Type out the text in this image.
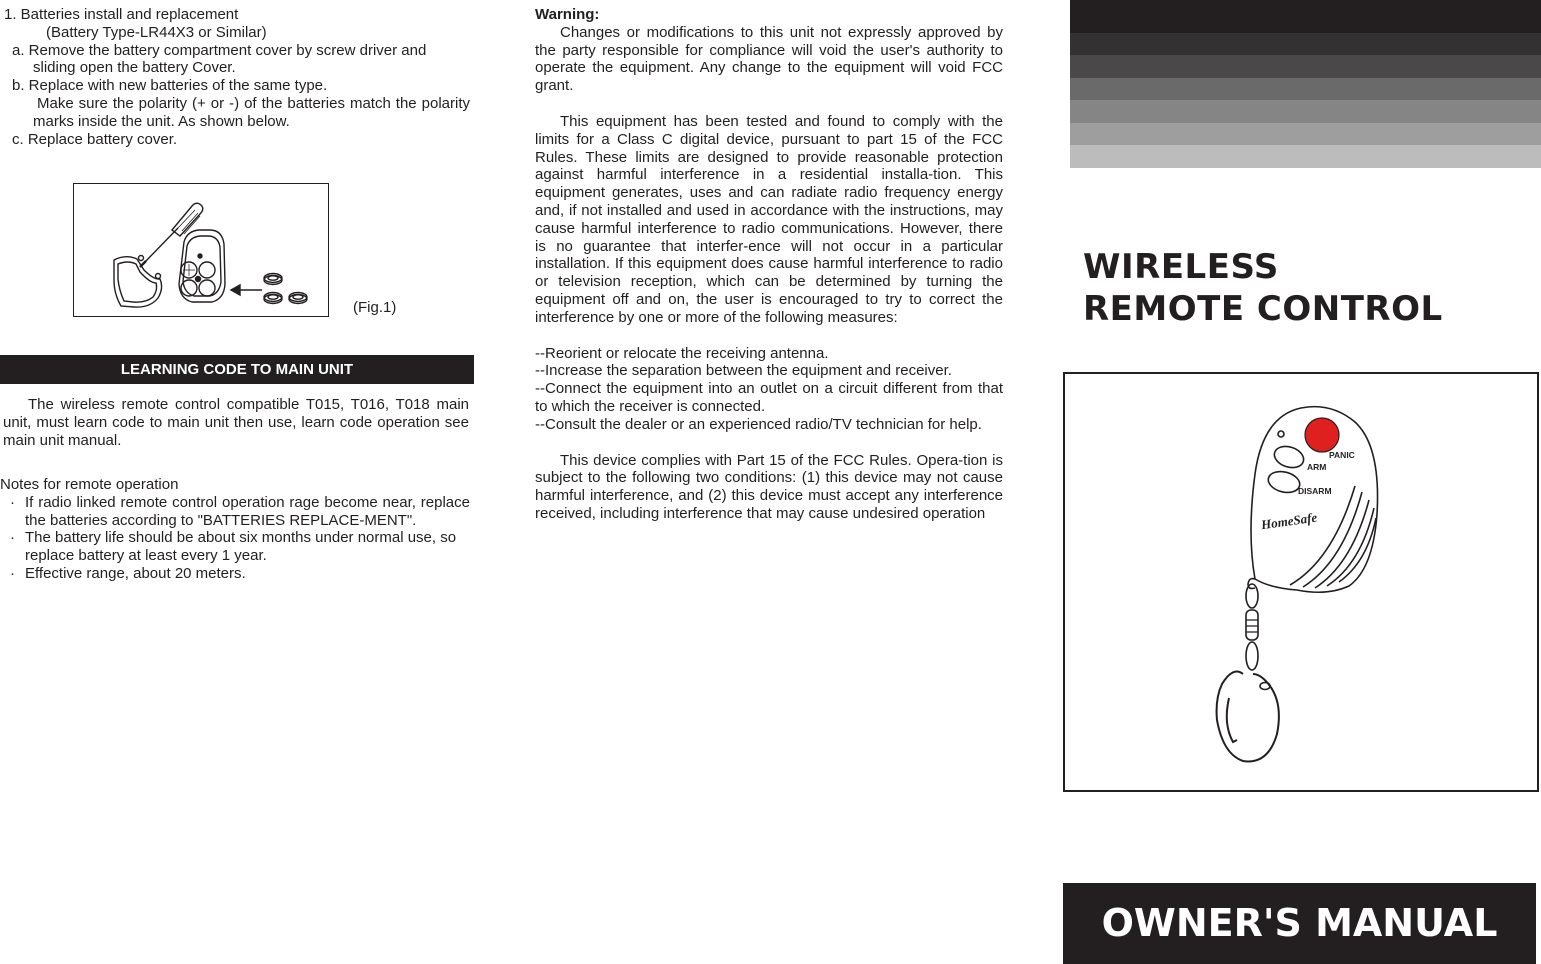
1. Batteries install and replacement

(Battery Type-LR44X3 or Similar)

a. Remove the battery compartment cover by screw driver and

sliding open the battery Cover.

b. Replace with new batteries of the same type.

Make sure the polarity (+ or -) of the batteries match the polarity marks inside the unit. As shown below.

c. Replace battery cover.

(Fig.1)
LEARNING CODE TO MAIN UNIT

The wireless remote control compatible T015, T016, T018 main unit, must learn code to main unit then use, learn code operation see main unit manual.

Notes for remote operation

· If radio linked remote control operation rage become near, replace the batteries according to "BATTERIES REPLACE-MENT".

· The battery life should be about six months under normal use, so replace battery at least every 1 year.

· Effective range, about 20 meters.

Warning:

Changes or modifications to this unit not expressly approved by the party responsible for compliance will void the user's authority to operate the equipment. Any change to the equipment will void FCC grant.

This equipment has been tested and found to comply with the limits for a Class C digital device, pursuant to part 15 of the FCC Rules. These limits are designed to provide reasonable protection against harmful interference in a residential installa-tion. This equipment generates, uses and can radiate radio frequency energy and, if not installed and used in accordance with the instructions, may cause harmful interference to radio communications. However, there is no guarantee that interfer-ence will not occur in a particular installation. If this equipment does cause harmful interference to radio or television reception, which can be determined by turning the equipment off and on, the user is encouraged to try to correct the interference by one or more of the following measures:

--Reorient or relocate the receiving antenna.

--Increase the separation between the equipment and receiver.

--Connect the equipment into an outlet on a circuit different from that to which the receiver is connected.

--Consult the dealer or an experienced radio/TV technician for help.

This device complies with Part 15 of the FCC Rules. Opera-tion is subject to the following two conditions: (1) this device may not cause harmful interference, and (2) this device must accept any interference received, including interference that may cause undesired operation

WIRELESS
REMOTE CONTROL
PANIC
ARM
DISARM
HomeSafe
OWNER'S MANUAL
